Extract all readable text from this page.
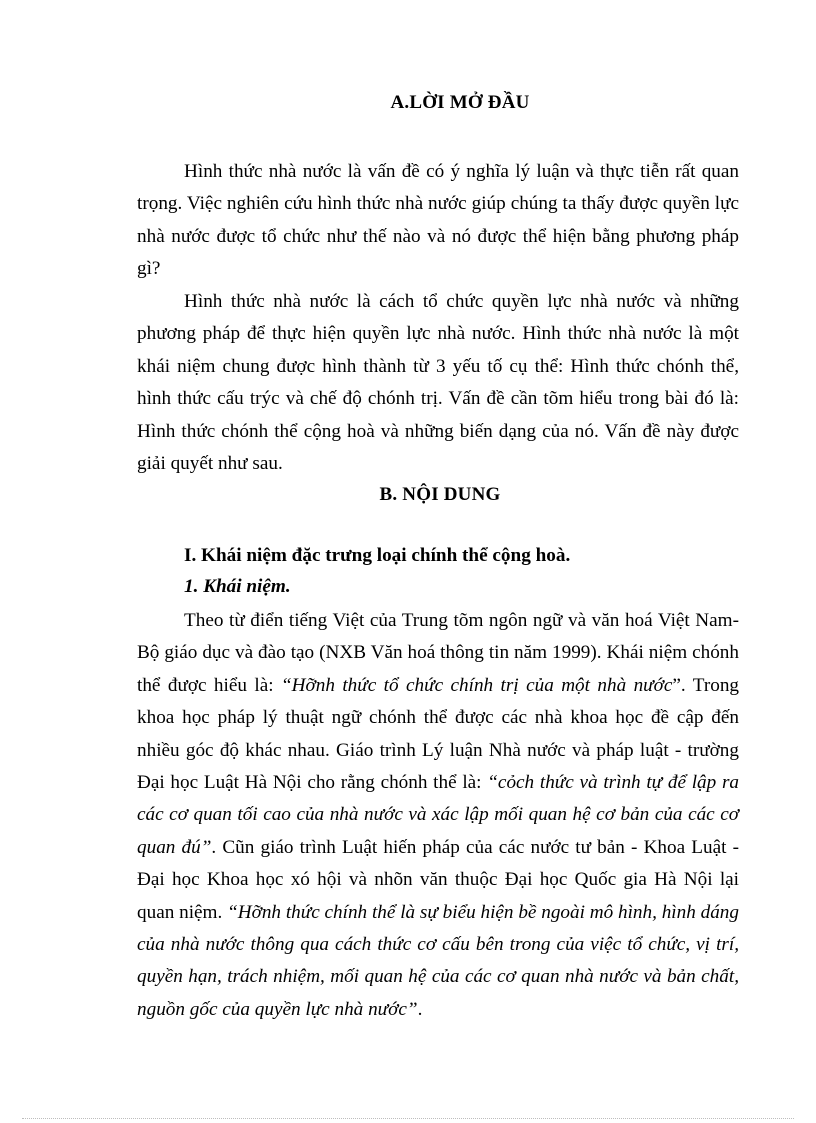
A.LỜI MỞ ĐẦU

Hình thức nhà nước là vấn đề có ý nghĩa lý luận và thực tiễn rất quan trọng. Việc nghiên cứu hình thức nhà nước giúp chúng ta thấy được quyền lực nhà nước được tổ chức như thế nào và nó được thể hiện bằng phương pháp gì?

Hình thức nhà nước là cách tổ chức quyền lực nhà nước và những phương pháp để thực hiện quyền lực nhà nước. Hình thức nhà nước là một khái niệm chung được hình thành từ 3 yếu tố cụ thể: Hình thức chónh thể, hình thức cấu trýc và chế độ chónh trị. Vấn đề cần tõm hiểu trong bài đó là: Hình thức chónh thể cộng hoà và những biến dạng của nó. Vấn đề này được giải quyết như sau.

B. NỘI DUNG

I. Khái niệm đặc trưng loại chính thể cộng hoà.

1. Khái niệm.

Theo từ điển tiếng Việt của Trung tõm ngôn ngữ và văn hoá Việt Nam-Bộ giáo dục và đào tạo (NXB Văn hoá thông tin năm 1999). Khái niệm chónh thể được hiểu là: “Hỡnh thức tổ chức chính trị của một nhà nước”. Trong khoa học pháp lý thuật ngữ chónh thể được các nhà khoa học đề cập đến nhiều góc độ khác nhau. Giáo trình Lý luận Nhà nước và pháp luật - trường Đại học Luật Hà Nội cho rằng chónh thể là: “cỏch thức và trình tự để lập ra các cơ quan tối cao của nhà nước và xác lập mối quan hệ cơ bản của các cơ quan đú”. Cũn giáo trình Luật hiến pháp của các nước tư bản - Khoa Luật - Đại học Khoa học xó hội và nhõn văn thuộc Đại học Quốc gia Hà Nội lại quan niệm. “Hỡnh thức chính thể là sự biểu hiện bề ngoài mô hình, hình dáng của nhà nước thông qua cách thức cơ cấu bên trong của việc tổ chức, vị trí, quyền hạn, trách nhiệm, mối quan hệ của các cơ quan nhà nước và bản chất, nguồn gốc của quyền lực nhà nước”.
